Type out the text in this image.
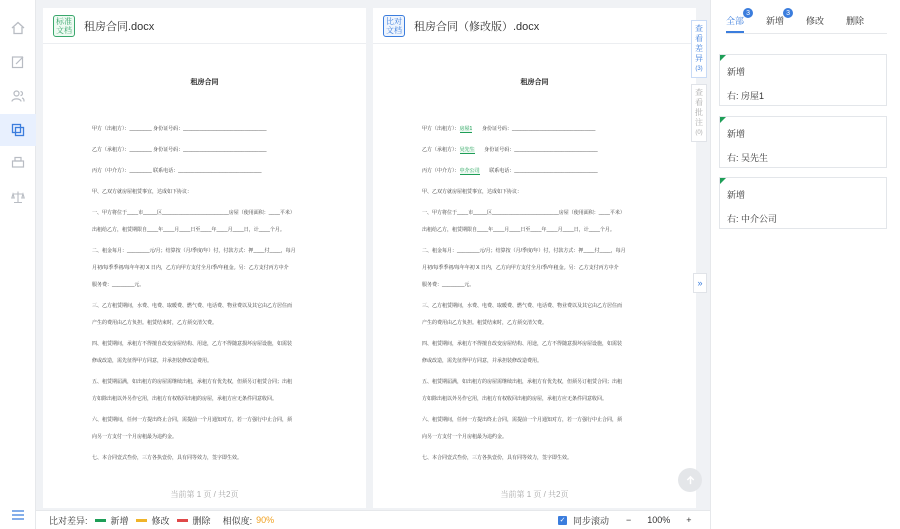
标准
文档 租房合同.docx
租房合同
甲方（出租方）：________ 身份证号码：______________________________
乙方（承租方）：________ 身份证号码：______________________________
丙方（中介方）：________ 联系电话：______________________________
甲、乙双方就房屋租赁事宜，达成如下协议：
一、甲方将位于____市_____区________________________房屋（使用面积：____平米）
出租给乙方，租赁期限自____年____月____日至____年____月____日，计____个月。
二、租金每月：________元/月；结算按（月/季度/年）付，付款方式：押____付____，每月
月初/每季季初/每年年初 X 日内，乙方向甲方支付全月/季/年租金。另：乙方支付丙方中介
服务费：________元。
三、乙方租赁期间，水费、电费、取暖费、燃气费、电话费、物业费以及其它由乙方居住而
产生的费用由乙方负担。租赁结束时，乙方须交清欠费。
四、租赁期间，承租方不得擅自改变房屋结构、用途，乙方不得随意损坏房屋设施，如需装
修或改造，需先征得甲方同意，并承担装修改造费用。
五、租赁期届满，如出租方的房屋需继续出租，承租方有优先权，但须另订租赁合同；出租
方如除出租以外另作它用，出租方有权收回出租的房屋，承租方应无条件同意收回。
六、租赁期间，任何一方提出终止合同，需提前一个月通知对方，若一方强行中止合同，须
向另一方支付一个月房租最为违约金。
七、本合同壹式叁份，三方各执壹份，具有同等效力，签字即生效。
当前第 1 页 / 共2页
比对
文档 租房合同（修改版）.docx
租房合同
甲方（出租方）：房屋1 身份证号码：______________________________
乙方（承租方）：吴先生 身份证号码：______________________________
丙方（中介方）：中介公司 联系电话：______________________________
甲、乙双方就房屋租赁事宜，达成如下协议：
一、甲方将位于____市_____区________________________房屋（使用面积：____平米）
出租给乙方，租赁期限自____年____月____日至____年____月____日，计____个月。
二、租金每月：________元/月；结算按（月/季度/年）付，付款方式：押____付____，每月
月初/每季季初/每年年初 X 日内，乙方向甲方支付全月/季/年租金。另：乙方支付丙方中介
服务费：________元。
三、乙方租赁期间，水费、电费、取暖费、燃气费、电话费、物业费以及其它由乙方居住而
产生的费用由乙方负担。租赁结束时，乙方须交清欠费。
四、租赁期间，承租方不得擅自改变房屋结构、用途，乙方不得随意损坏房屋设施，如需装
修或改造，需先征得甲方同意，并承担装修改造费用。
五、租赁期届满，如出租方的房屋需继续出租，承租方有优先权，但须另订租赁合同；出租
方如除出租以外另作它用，出租方有权收回出租的房屋，承租方应无条件同意收回。
六、租赁期间，任何一方提出终止合同，需提前一个月通知对方，若一方强行中止合同，须
向另一方支付一个月房租最为违约金。
七、本合同壹式叁份，三方各执壹份，具有同等效力，签字即生效。
当前第 1 页 / 共2页
查看差异
(3)
查看批注
(0)
»
全部
3
新增
3
修改 删除
新增
右: 房屋1
新增
右: 吴先生
新增
右: 中介公司
比对差异:	新增	修改	删除 相似度: 90%	✓ 同步滚动 − 100% +
